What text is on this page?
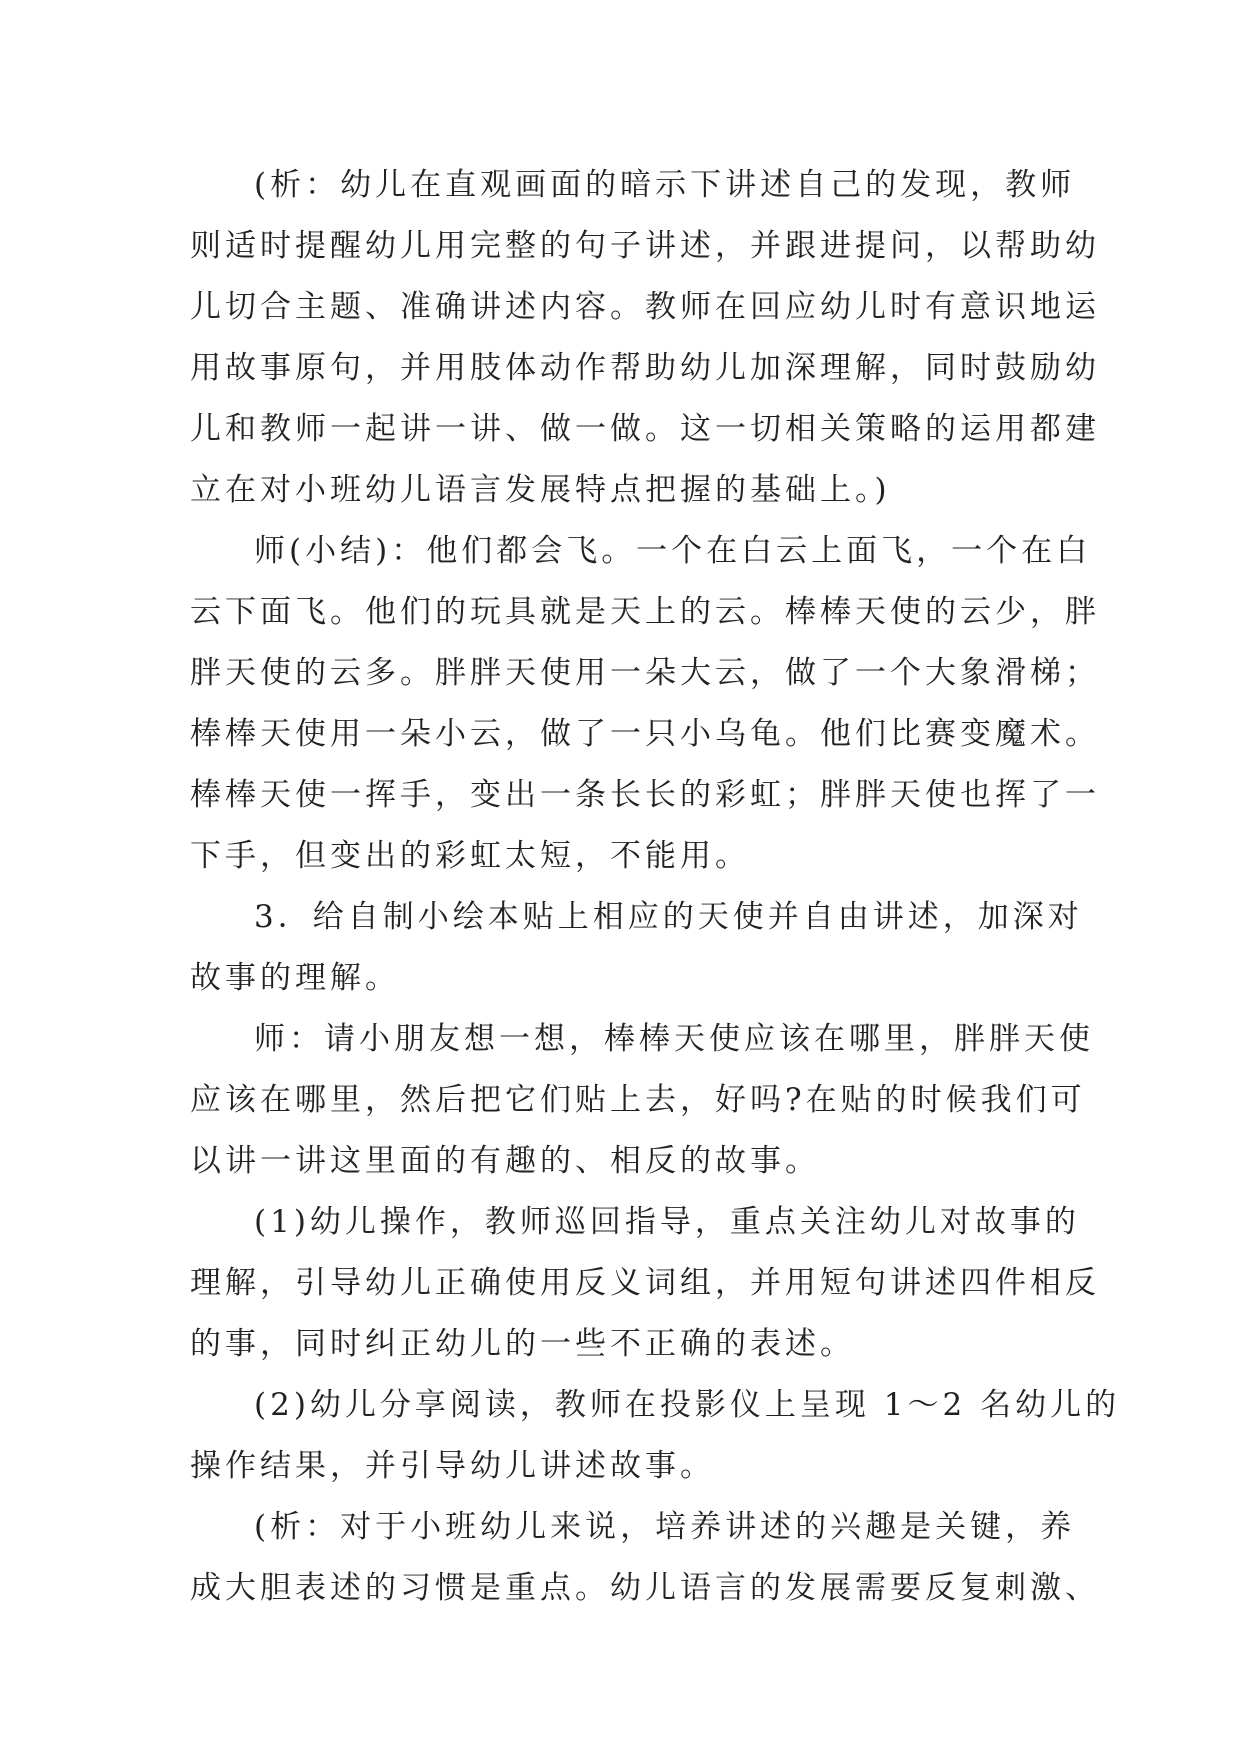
(析：幼儿在直观画面的暗示下讲述自己的发现，教师
则适时提醒幼儿用完整的句子讲述，并跟进提问，以帮助幼
儿切合主题、准确讲述内容。教师在回应幼儿时有意识地运
用故事原句，并用肢体动作帮助幼儿加深理解，同时鼓励幼
儿和教师一起讲一讲、做一做。这一切相关策略的运用都建
立在对小班幼儿语言发展特点把握的基础上。)

师(小结)：他们都会飞。一个在白云上面飞，一个在白
云下面飞。他们的玩具就是天上的云。棒棒天使的云少，胖
胖天使的云多。胖胖天使用一朵大云，做了一个大象滑梯；
棒棒天使用一朵小云，做了一只小乌龟。他们比赛变魔术。
棒棒天使一挥手，变出一条长长的彩虹；胖胖天使也挥了一
下手，但变出的彩虹太短，不能用。

3．给自制小绘本贴上相应的天使并自由讲述，加深对
故事的理解。

师：请小朋友想一想，棒棒天使应该在哪里，胖胖天使
应该在哪里，然后把它们贴上去，好吗?在贴的时候我们可
以讲一讲这里面的有趣的、相反的故事。

(1)幼儿操作，教师巡回指导，重点关注幼儿对故事的
理解，引导幼儿正确使用反义词组，并用短句讲述四件相反
的事，同时纠正幼儿的一些不正确的表述。

(2)幼儿分享阅读，教师在投影仪上呈现 1～2 名幼儿的
操作结果，并引导幼儿讲述故事。

(析：对于小班幼儿来说，培养讲述的兴趣是关键，养
成大胆表述的习惯是重点。幼儿语言的发展需要反复刺激、
